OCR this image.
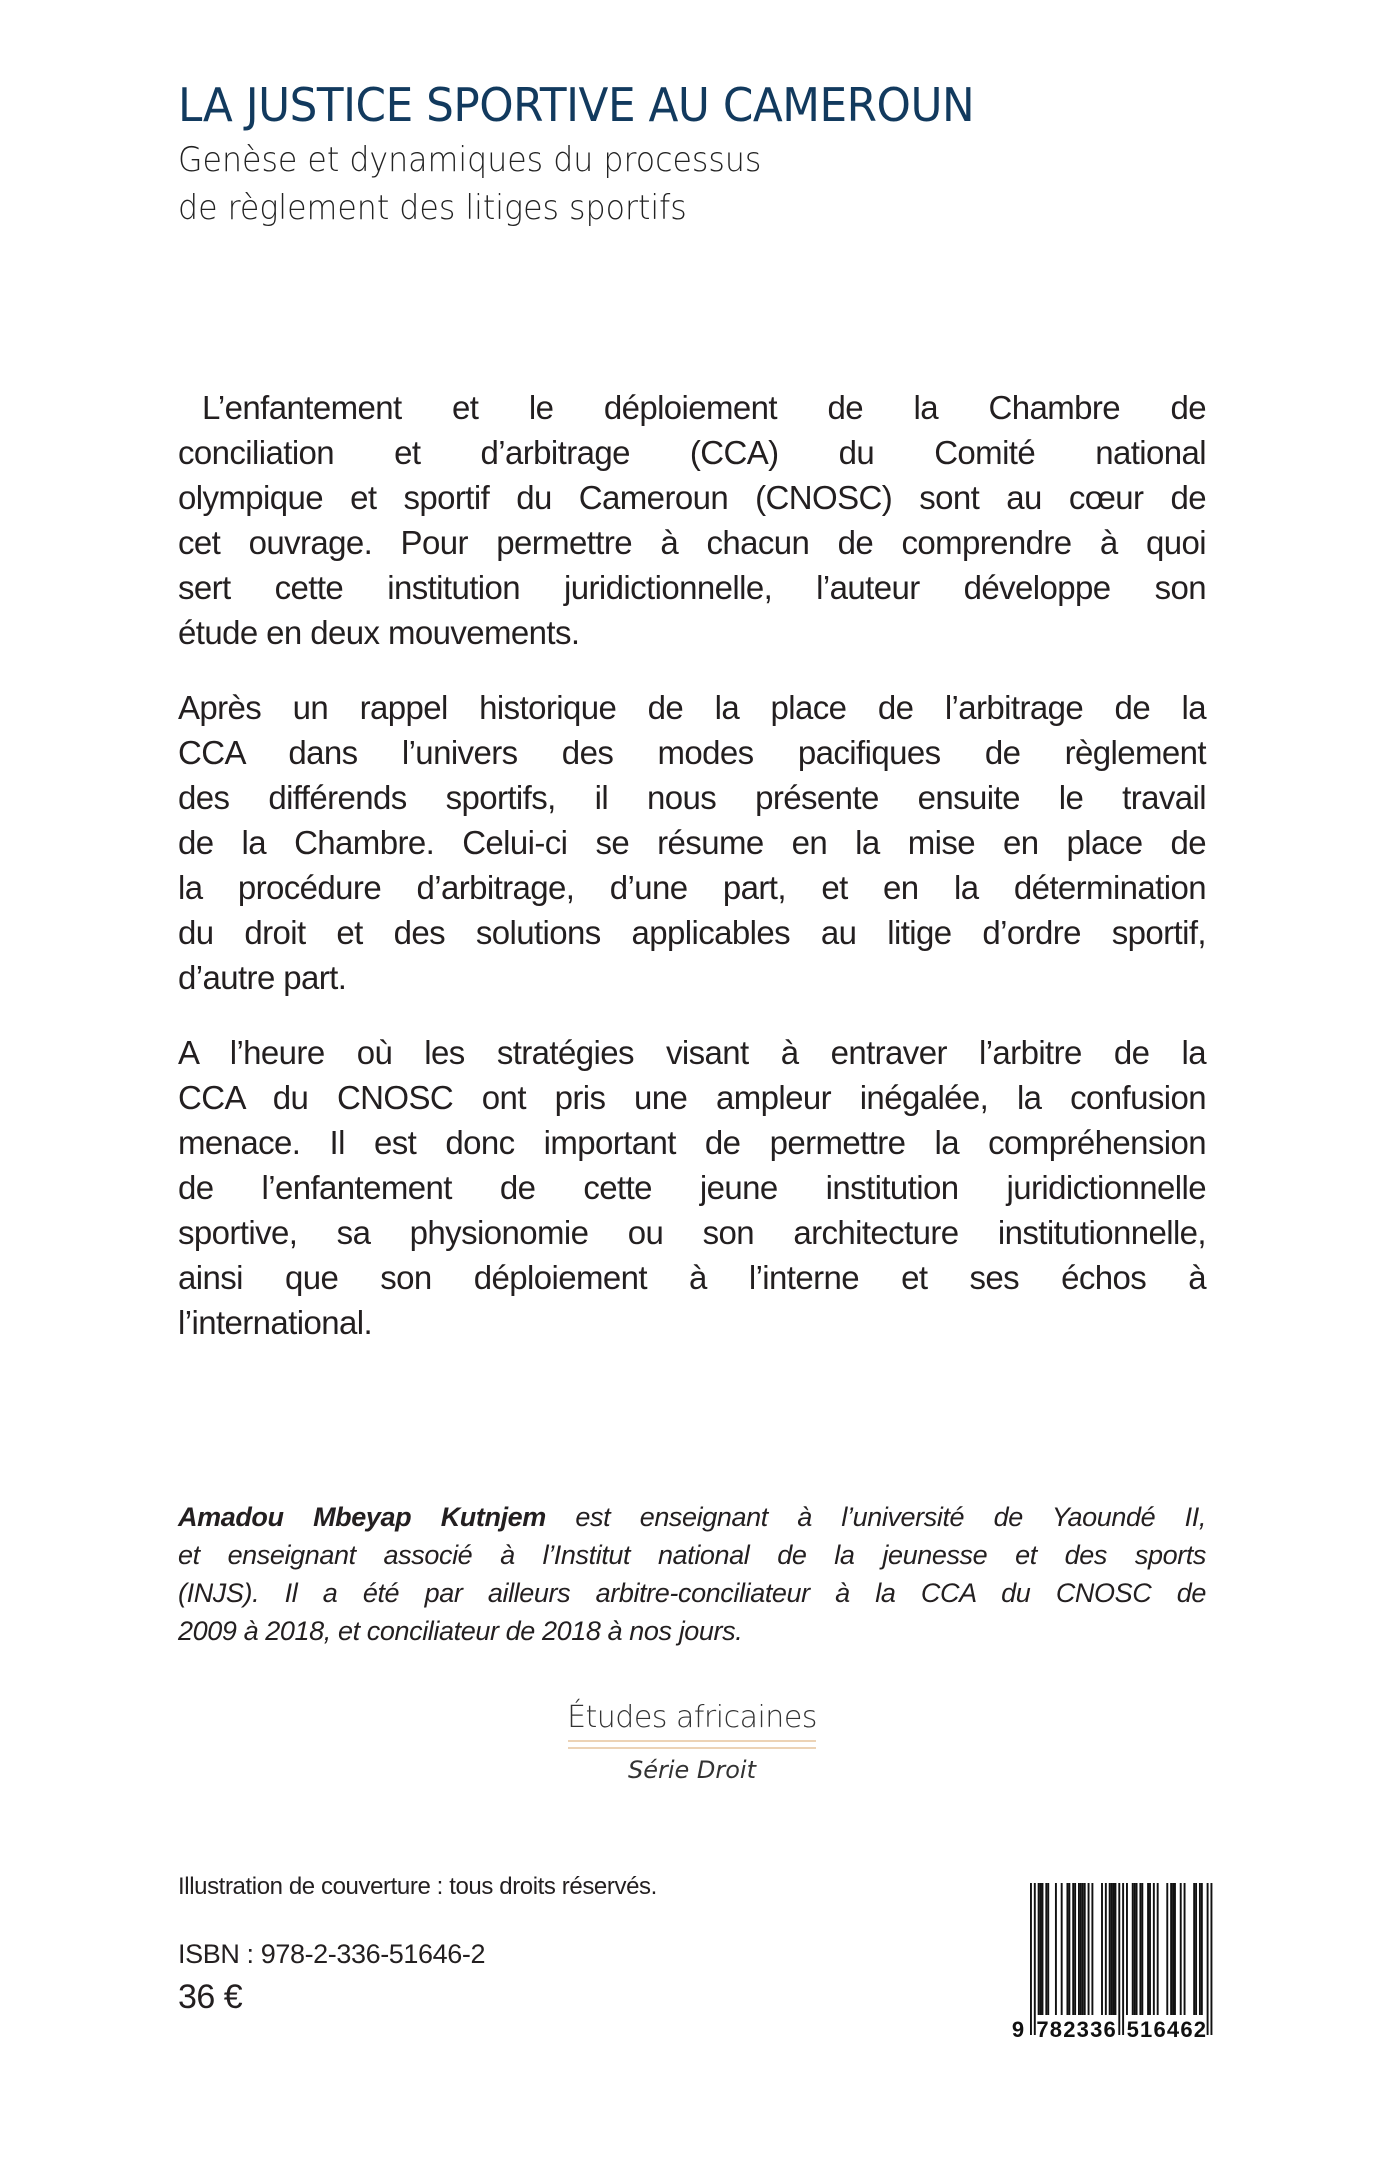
LA JUSTICE SPORTIVE AU CAMEROUN
Genèse et dynamiques du processus
de règlement des litiges sportifs
L’enfantement et le déploiement de la Chambre de
conciliation et d’arbitrage (CCA) du Comité national
olympique et sportif du Cameroun (CNOSC) sont au cœur de
cet ouvrage. Pour permettre à chacun de comprendre à quoi
sert cette institution juridictionnelle, l’auteur développe son
étude en deux mouvements.
Après un rappel historique de la place de l’arbitrage de la
CCA dans l’univers des modes pacifiques de règlement
des différends sportifs, il nous présente ensuite le travail
de la Chambre. Celui-ci se résume en la mise en place de
la procédure d’arbitrage, d’une part, et en la détermination
du droit et des solutions applicables au litige d’ordre sportif,
d’autre part.
A l’heure où les stratégies visant à entraver l’arbitre de la
CCA du CNOSC ont pris une ampleur inégalée, la confusion
menace. Il est donc important de permettre la compréhension
de l’enfantement de cette jeune institution juridictionnelle
sportive, sa physionomie ou son architecture institutionnelle,
ainsi que son déploiement à l’interne et ses échos à
l’international.
Amadou Mbeyap Kutnjem est enseignant à l’université de Yaoundé II,
et enseignant associé à l’Institut national de la jeunesse et des sports
(INJS). Il a été par ailleurs arbitre-conciliateur à la CCA du CNOSC de
2009 à 2018, et conciliateur de 2018 à nos jours.
Études africaines
Série Droit
Illustration de couverture : tous droits réservés.
ISBN : 978-2-336-51646-2
36 €
9 7 8 2 3 3 6 5 1 6 4 6 2
